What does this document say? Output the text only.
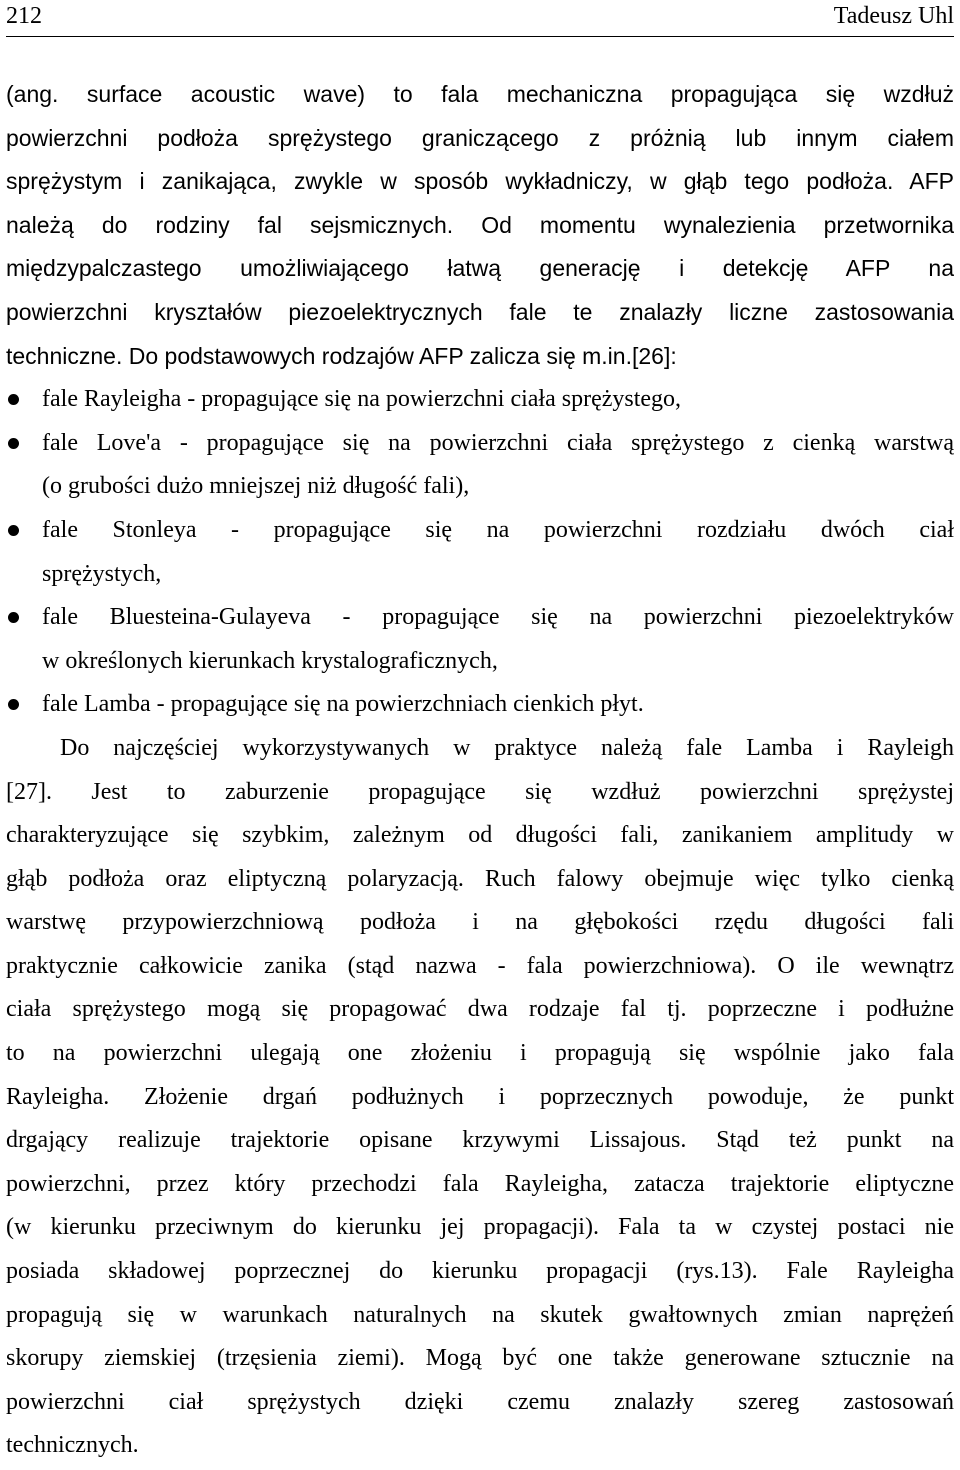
212	Tadeusz Uhl
(ang. surface acoustic wave) to fala mechaniczna propagująca się wzdłuż
powierzchni podłoża sprężystego graniczącego z próżnią lub innym ciałem
sprężystym i zanikająca, zwykle w sposób wykładniczy, w głąb tego podłoża. AFP
należą do rodziny fal sejsmicznych. Od momentu wynalezienia przetwornika
międzypalczastego umożliwiającego łatwą generację i detekcję AFP na
powierzchni kryształów piezoelektrycznych fale te znalazły liczne zastosowania
techniczne. Do podstawowych rodzajów AFP zalicza się m.in.[26]:
fale Rayleigha - propagujące się na powierzchni ciała sprężystego,
fale Love'a - propagujące się na powierzchni ciała sprężystego z cienką warstwą
(o grubości dużo mniejszej niż długość fali),
fale Stonleya - propagujące się na powierzchni rozdziału dwóch ciał
sprężystych,
fale Bluesteina-Gulayeva - propagujące się na powierzchni piezoelektryków
w określonych kierunkach krystalograficznych,
fale Lamba - propagujące się na powierzchniach cienkich płyt.
Do najczęściej wykorzystywanych w praktyce należą fale Lamba i Rayleigh
[27]. Jest to zaburzenie propagujące się wzdłuż powierzchni sprężystej
charakteryzujące się szybkim, zależnym od długości fali, zanikaniem amplitudy w
głąb podłoża oraz eliptyczną polaryzacją. Ruch falowy obejmuje więc tylko cienką
warstwę przypowierzchniową podłoża i na głębokości rzędu długości fali
praktycznie całkowicie zanika (stąd nazwa - fala powierzchniowa). O ile wewnątrz
ciała sprężystego mogą się propagować dwa rodzaje fal tj. poprzeczne i podłużne
to na powierzchni ulegają one złożeniu i propagują się wspólnie jako fala
Rayleigha. Złożenie drgań podłużnych i poprzecznych powoduje, że punkt
drgający realizuje trajektorie opisane krzywymi Lissajous. Stąd też punkt na
powierzchni, przez który przechodzi fala Rayleigha, zatacza trajektorie eliptyczne
(w kierunku przeciwnym do kierunku jej propagacji). Fala ta w czystej postaci nie
posiada składowej poprzecznej do kierunku propagacji (rys.13). Fale Rayleigha
propagują się w warunkach naturalnych na skutek gwałtownych zmian naprężeń
skorupy ziemskiej (trzęsienia ziemi). Mogą być one także generowane sztucznie na
powierzchni ciał sprężystych dzięki czemu znalazły szereg zastosowań
technicznych.
